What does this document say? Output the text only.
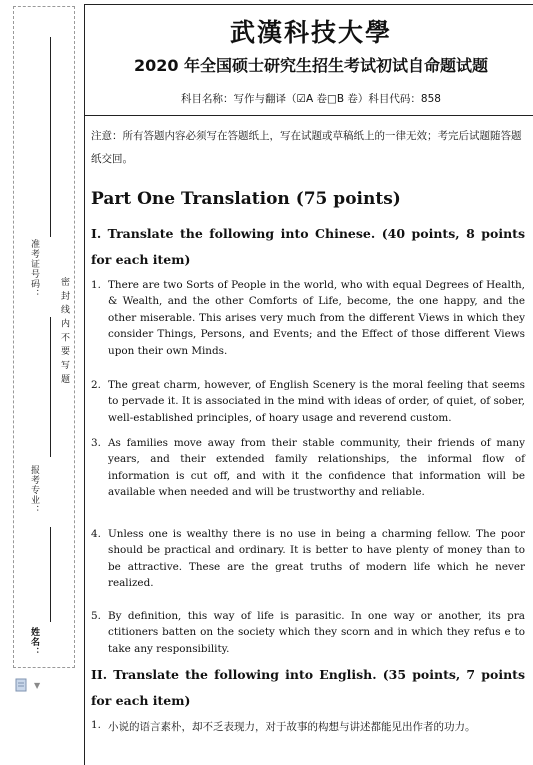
准考证号码：
密 封 线 内 不 要 写 题
报考专业：
姓名：
▼
武漢科技大學
2020 年全国硕士研究生招生考试初试自命题试题
科目名称：写作与翻译（☑A 卷□B 卷）科目代码：858
注意：所有答题内容必须写在答题纸上，写在试题或草稿纸上的一律无效；考完后试题随答题纸交回。
Part One Translation (75 points)
I. Translate the following into Chinese. (40 points, 8 points for each item)
1. There are two Sorts of People in the world, who with equal Degrees of Health, & Wealth, and the other Comforts of Life, become, the one happy, and the other miserable. This arises very much from the different Views in which they consider Things, Persons, and Events; and the Effect of those different Views upon their own Minds.
2. The great charm, however, of English Scenery is the moral feeling that seems to pervade it. It is associated in the mind with ideas of order, of quiet, of sober, well-established principles, of hoary usage and reverend custom.
3. As families move away from their stable community, their friends of many years, and their extended family relationships, the informal flow of information is cut off, and with it the confidence that information will be available when needed and will be trustworthy and reliable.
4. Unless one is wealthy there is no use in being a charming fellow. The poor should be practical and ordinary. It is better to have plenty of money than to be attractive. These are the great truths of modern life which he never realized.
5. By definition, this way of life is parasitic. In one way or another, its pra ctitioners batten on the society which they scorn and in which they refus e to take any responsibility.
II. Translate the following into English. (35 points, 7 points for each item)
1. 小说的语言素朴，却不乏表现力，对于故事的构想与讲述都能见出作者的功力。
